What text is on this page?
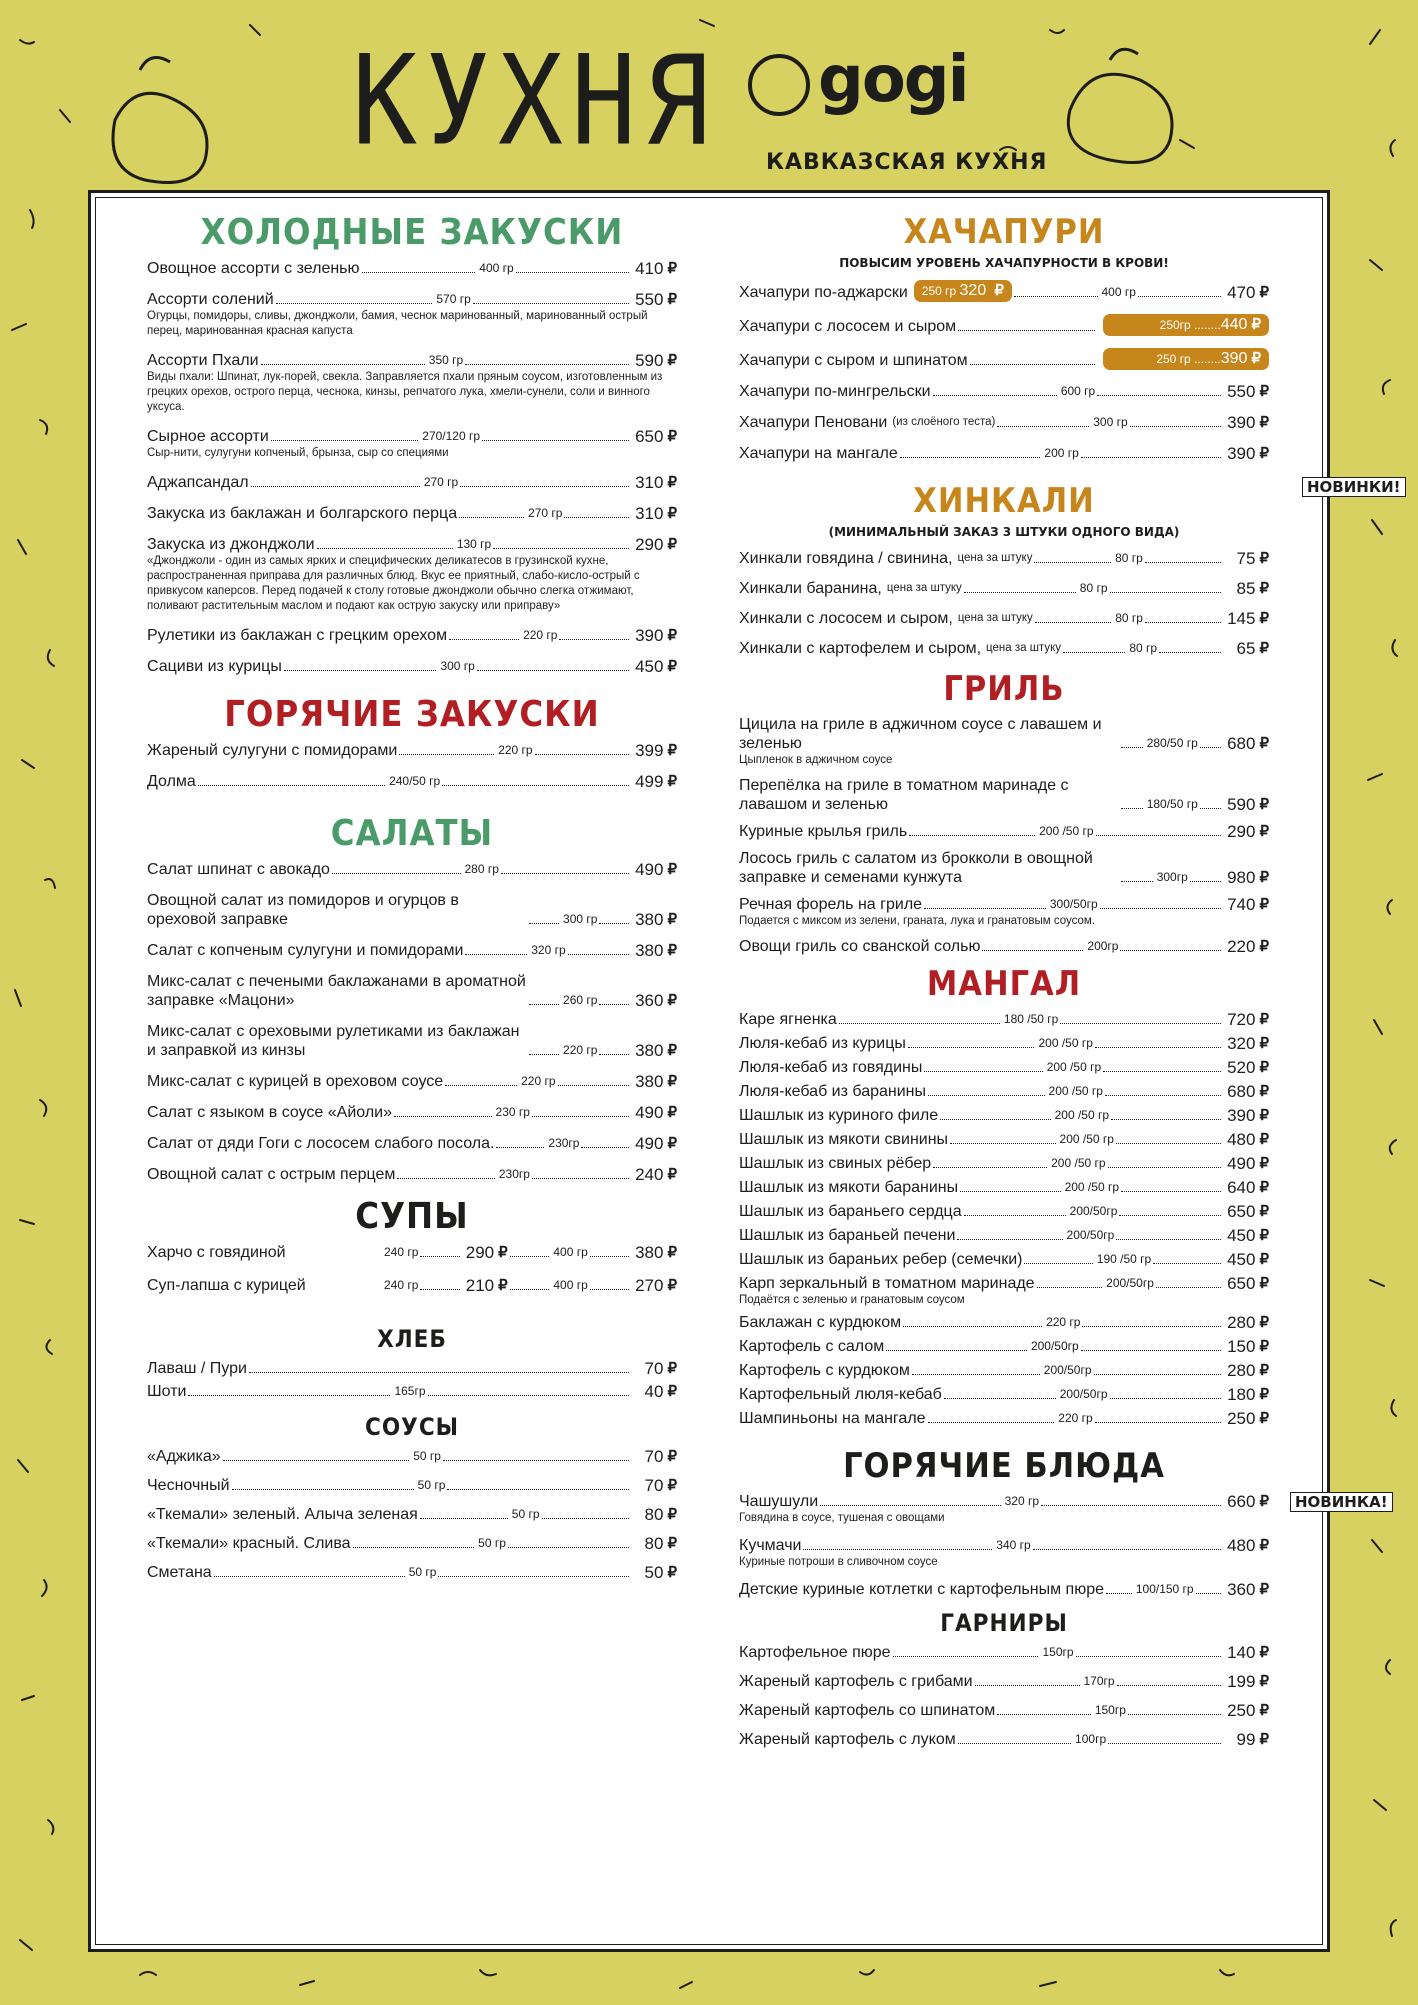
КУХНЯ gogi
КАВКАЗСКАЯ КУХНЯ
ХОЛОДНЫЕ ЗАКУСКИ
Овощное ассорти с зеленью	400 гр	410 ₽
Ассорти солений	570 гр	550 ₽
Огурцы, помидоры, сливы, джонджоли, бамия, чеснок маринованный, маринованный острый перец, маринованная красная капуста
Ассорти Пхали	350 гр	590 ₽
Виды пхали: Шпинат, лук-порей, свекла. Заправляется пхали пряным соусом, изготовленным из грецких орехов, острого перца, чеснока, кинзы, репчатого лука, хмели-сунели, соли и винного уксуса.
Сырное ассорти	270/120 гр	650 ₽
Сыр-нити, сулугуни копченый, брынза, сыр со специями
Аджапсандал	270 гр	310 ₽
Закуска из баклажан и болгарского перца	270 гр	310 ₽
Закуска из джонджоли	130 гр	290 ₽
«Джонджоли - один из самых ярких и специфических деликатесов в грузинской кухне, распространенная приправа для различных блюд. Вкус ее приятный, слабо-кисло-острый с привкусом каперсов. Перед подачей к столу готовые джонджоли обычно слегка отжимают, поливают растительным маслом и подают как острую закуску или приправу»
Рулетики из баклажан с грецким орехом	220 гр	390 ₽
Сациви из курицы	300 гр	450 ₽
ГОРЯЧИЕ ЗАКУСКИ
Жареный сулугуни с помидорами	220 гр	399 ₽
Долма	240/50 гр	499 ₽
САЛАТЫ
Салат шпинат с авокадо	280 гр	490 ₽
Овощной салат из помидоров и огурцов в ореховой заправке	300 гр 380 ₽
Салат с копченым сулугуни и помидорами	320 гр	380 ₽
Микс-салат с печеными баклажанами в ароматной заправке «Мацони»	260 гр 360 ₽
Микс-салат с ореховыми рулетиками из баклажан и заправкой из кинзы	220 гр 380 ₽
Микс-салат с курицей в ореховом соусе	220 гр	380 ₽
Салат с языком в соусе «Айоли»	230 гр	490 ₽
Салат от дяди Гоги с лососем слабого посола.	230гр	490 ₽
Овощной салат с острым перцем	230гр	240 ₽
СУПЫ
Харчо с говядиной	240 гр	290 ₽	400 гр	380 ₽
Суп-лапша с курицей	240 гр	210 ₽	400 гр	270 ₽
ХЛЕБ
Лаваш / Пури	70 ₽
Шоти	165гр	40 ₽
СОУСЫ
«Аджика»	50 гр	70 ₽
Чесночный	50 гр	70 ₽
«Ткемали» зеленый. Алыча зеленая	50 гр	80 ₽
«Ткемали» красный. Слива	50 гр	80 ₽
Сметана	50 гр	50 ₽
ХАЧАПУРИ
ПОВЫСИМ УРОВЕНЬ ХАЧАПУРНОСТИ В КРОВИ!
Хачапури по-аджарски	250 гр 320 ₽	400 гр	470 ₽
Хачапури с лососем и сыром	250гр ........440 ₽
Хачапури с сыром и шпинатом	250 гр ........390 ₽
Хачапури по-мингрельски	600 гр	550 ₽
Хачапури Пеновани (из слоёного теста)	300 гр	390 ₽
Хачапури на мангале	200 гр	390 ₽
ХИНКАЛИ
(МИНИМАЛЬНЫЙ ЗАКАЗ 3 ШТУКИ ОДНОГО ВИДА)
Хинкали говядина / свинина, цена за штуку	80 гр	75 ₽
Хинкали баранина, цена за штуку	80 гр	85 ₽
Хинкали с лососем и сыром, цена за штуку	80 гр	145 ₽
Хинкали с картофелем и сыром, цена за штуку	80 гр	65 ₽
ГРИЛЬ
Цицила на гриле в аджичном соусе с лавашем и зеленью	280/50 гр 680 ₽
Цыпленок в аджичном соусе
Перепёлка на гриле в томатном маринаде с лавашом и зеленью	180/50 гр 590 ₽
Куриные крылья гриль	200 /50 гр	290 ₽
Лосось гриль с салатом из брокколи в овощной заправке и семенами кунжута	300гр 980 ₽
Речная форель на гриле	300/50гр	740 ₽
Подается с миксом из зелени, граната, лука и гранатовым соусом.
Овощи гриль со сванской солью	200гр	220 ₽
МАНГАЛ
Каре ягненка	180 /50 гр	720 ₽
Люля-кебаб из курицы	200 /50 гр	320 ₽
Люля-кебаб из говядины	200 /50 гр	520 ₽
Люля-кебаб из баранины	200 /50 гр	680 ₽
Шашлык из куриного филе	200 /50 гр	390 ₽
Шашлык из мякоти свинины	200 /50 гр	480 ₽
Шашлык из свиных рёбер	200 /50 гр	490 ₽
Шашлык из мякоти баранины	200 /50 гр	640 ₽
Шашлык из бараньего сердца	200/50гр	650 ₽
Шашлык из бараньей печени	200/50гр	450 ₽
Шашлык из бараньих ребер (семечки)	190 /50 гр	450 ₽
Карп зеркальный в томатном маринаде	200/50гр	650 ₽
Подаётся с зеленью и гранатовым соусом
Баклажан с курдюком	220 гр	280 ₽
Картофель с салом	200/50гр	150 ₽
Картофель с курдюком	200/50гр	280 ₽
Картофельный люля-кебаб	200/50гр	180 ₽
Шампиньоны на мангале	220 гр	250 ₽
ГОРЯЧИЕ БЛЮДА
Чашушули	320 гр	660 ₽
Говядина в соусе, тушеная с овощами
Кучмачи	340 гр	480 ₽
Куриные потроши в сливочном соусе
Детские куриные котлетки с картофельным пюре	100/150 гр 360 ₽
ГАРНИРЫ
Картофельное пюре	150гр	140 ₽
Жареный картофель с грибами	170гр	199 ₽
Жареный картофель со шпинатом	150гр	250 ₽
Жареный картофель с луком	100гр	99 ₽
НОВИНКИ!
НОВИНКА!
